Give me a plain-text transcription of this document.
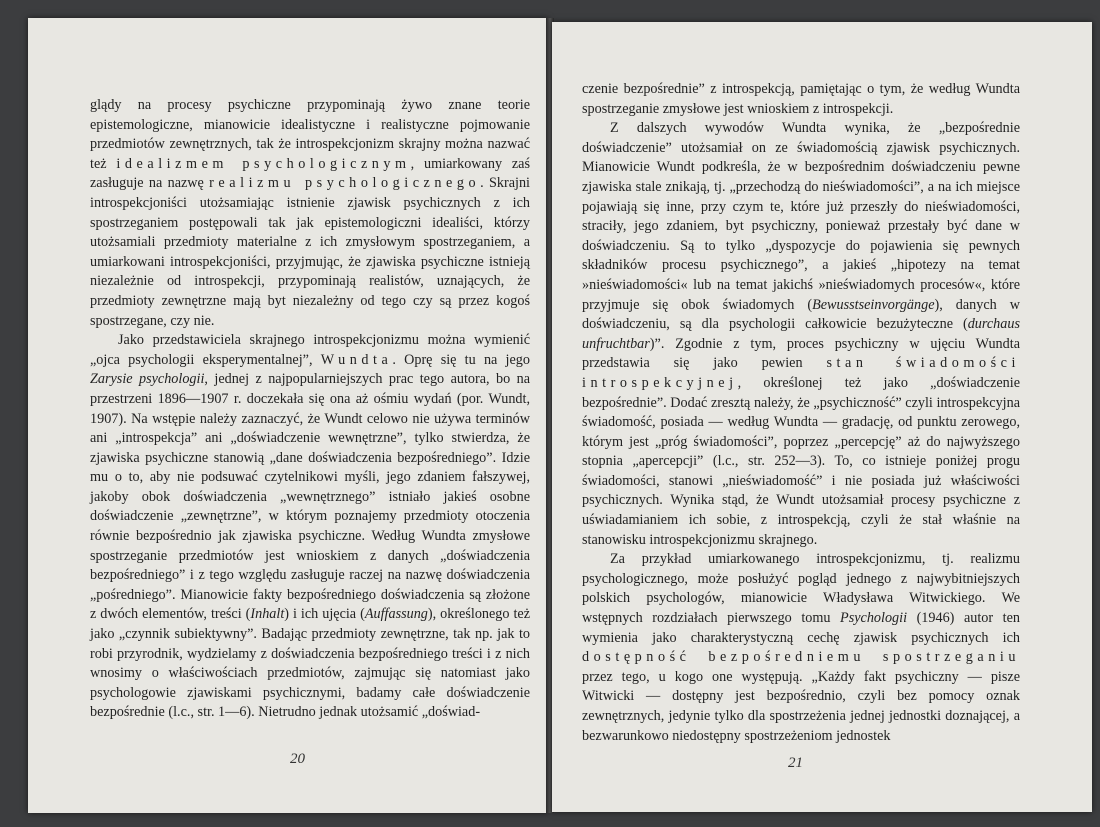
glądy na procesy psychiczne przypominają żywo znane teorie epistemologiczne, mianowicie idealistyczne i realistyczne pojmowanie przedmiotów zewnętrznych, tak że introspekcjonizm skrajny można nazwać też idealizmem psychologicznym, umiarkowany zaś zasługuje na nazwę realizmu psychologicznego. Skrajni introspekcjoniści utożsamiając istnienie zjawisk psychicznych z ich spostrzeganiem postępowali tak jak epistemologiczni idealiści, którzy utożsamiali przedmioty materialne z ich zmysłowym spostrzeganiem, a umiarkowani introspekcjoniści, przyjmując, że zjawiska psychiczne istnieją niezależnie od introspekcji, przypominają realistów, uznających, że przedmioty zewnętrzne mają byt niezależny od tego czy są przez kogoś spostrzegane, czy nie.

Jako przedstawiciela skrajnego introspekcjonizmu można wymienić „ojca psychologii eksperymentalnej”, Wundta. Oprę się tu na jego Zarysie psychologii, jednej z najpopularniejszych prac tego autora, bo na przestrzeni 1896—1907 r. doczekała się ona aż ośmiu wydań (por. Wundt, 1907). Na wstępie należy zaznaczyć, że Wundt celowo nie używa terminów ani „introspekcja” ani „doświadczenie wewnętrzne”, tylko stwierdza, że zjawiska psychiczne stanowią „dane doświadczenia bezpośredniego”. Idzie mu o to, aby nie podsuwać czytelnikowi myśli, jego zdaniem fałszywej, jakoby obok doświadczenia „wewnętrznego” istniało jakieś osobne doświadczenie „zewnętrzne”, w którym poznajemy przedmioty otoczenia równie bezpośrednio jak zjawiska psychiczne. Według Wundta zmysłowe spostrzeganie przedmiotów jest wnioskiem z danych „doświadczenia bezpośredniego” i z tego względu zasługuje raczej na nazwę doświadczenia „pośredniego”. Mianowicie fakty bezpośredniego doświadczenia są złożone z dwóch elementów, treści (Inhalt) i ich ujęcia (Auffassung), określonego też jako „czynnik subiektywny”. Badając przedmioty zewnętrzne, tak np. jak to robi przyrodnik, wydzielamy z doświadczenia bezpośredniego treści i z nich wnosimy o właściwościach przedmiotów, zajmując się natomiast jako psychologowie zjawiskami psychicznymi, badamy całe doświadczenie bezpośrednie (l.c., str. 1—6). Nietrudno jednak utożsamić „doświad-

20

czenie bezpośrednie” z introspekcją, pamiętając o tym, że według Wundta spostrzeganie zmysłowe jest wnioskiem z introspekcji.

Z dalszych wywodów Wundta wynika, że „bezpośrednie doświadczenie” utożsamiał on ze świadomością zjawisk psychicznych. Mianowicie Wundt podkreśla, że w bezpośrednim doświadczeniu pewne zjawiska stale znikają, tj. „przechodzą do nieświadomości”, a na ich miejsce pojawiają się inne, przy czym te, które już przeszły do nieświadomości, straciły, jego zdaniem, byt psychiczny, ponieważ przestały być dane w doświadczeniu. Są to tylko „dyspozycje do pojawienia się pewnych składników procesu psychicznego”, a jakieś „hipotezy na temat »nieświadomości« lub na temat jakichś »nieświadomych procesów«, które przyjmuje się obok świadomych (Bewusstseinvorgänge), danych w doświadczeniu, są dla psychologii całkowicie bezużyteczne (durchaus unfruchtbar)”. Zgodnie z tym, proces psychiczny w ujęciu Wundta przedstawia się jako pewien stan świadomości introspekcyjnej, określonej też jako „doświadczenie bezpośrednie”. Dodać zresztą należy, że „psychiczność” czyli introspekcyjna świadomość, posiada — według Wundta — gradację, od punktu zerowego, którym jest „próg świadomości”, poprzez „percepcję” aż do najwyższego stopnia „apercepcji” (l.c., str. 252—3). To, co istnieje poniżej progu świadomości, stanowi „nieświadomość” i nie posiada już właściwości psychicznych. Wynika stąd, że Wundt utożsamiał procesy psychiczne z uświadamianiem ich sobie, z introspekcją, czyli że stał właśnie na stanowisku introspekcjonizmu skrajnego.

Za przykład umiarkowanego introspekcjonizmu, tj. realizmu psychologicznego, może posłużyć pogląd jednego z najwybitniejszych polskich psychologów, mianowicie Władysława Witwickiego. We wstępnych rozdziałach pierwszego tomu Psychologii (1946) autor ten wymienia jako charakterystyczną cechę zjawisk psychicznych ich dostępność bezpośredniemu spostrzeganiu przez tego, u kogo one występują. „Każdy fakt psychiczny — pisze Witwicki — dostępny jest bezpośrednio, czyli bez pomocy oznak zewnętrznych, jedynie tylko dla spostrzeżenia jednej jednostki doznającej, a bezwarunkowo niedostępny spostrzeżeniom jednostek

21
